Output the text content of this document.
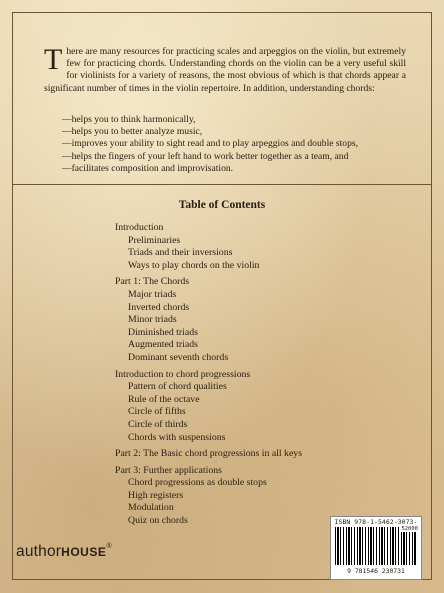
T here are many resources for practicing scales and arpeggios on the violin, but extremely few for practicing chords. Understanding chords on the violin can be a very useful skill for violinists for a variety of reasons, the most obvious of which is that chords appear a significant number of times in the violin repertoire. In addition, understanding chords:
—helps you to think harmonically,
—helps you to better analyze music,
—improves your ability to sight read and to play arpeggios and double stops,
—helps the fingers of your left hand to work better together as a team, and
—facilitates composition and improvisation.
Table of Contents
Introduction
Preliminaries
Triads and their inversions
Ways to play chords on the violin
Part 1: The Chords
Major triads
Inverted chords
Minor triads
Diminished triads
Augmented triads
Dominant seventh chords
Introduction to chord progressions
Pattern of chord qualities
Rule of the octave
Circle of fifths
Circle of thirds
Chords with suspensions
Part 2: The Basic chord progressions in all keys
Part 3: Further applications
Chord progressions as double stops
High registers
Modulation
Quiz on chords
authorHOUSE®
ISBN 978-1-5462-3073-
52000
9 781546 230731
